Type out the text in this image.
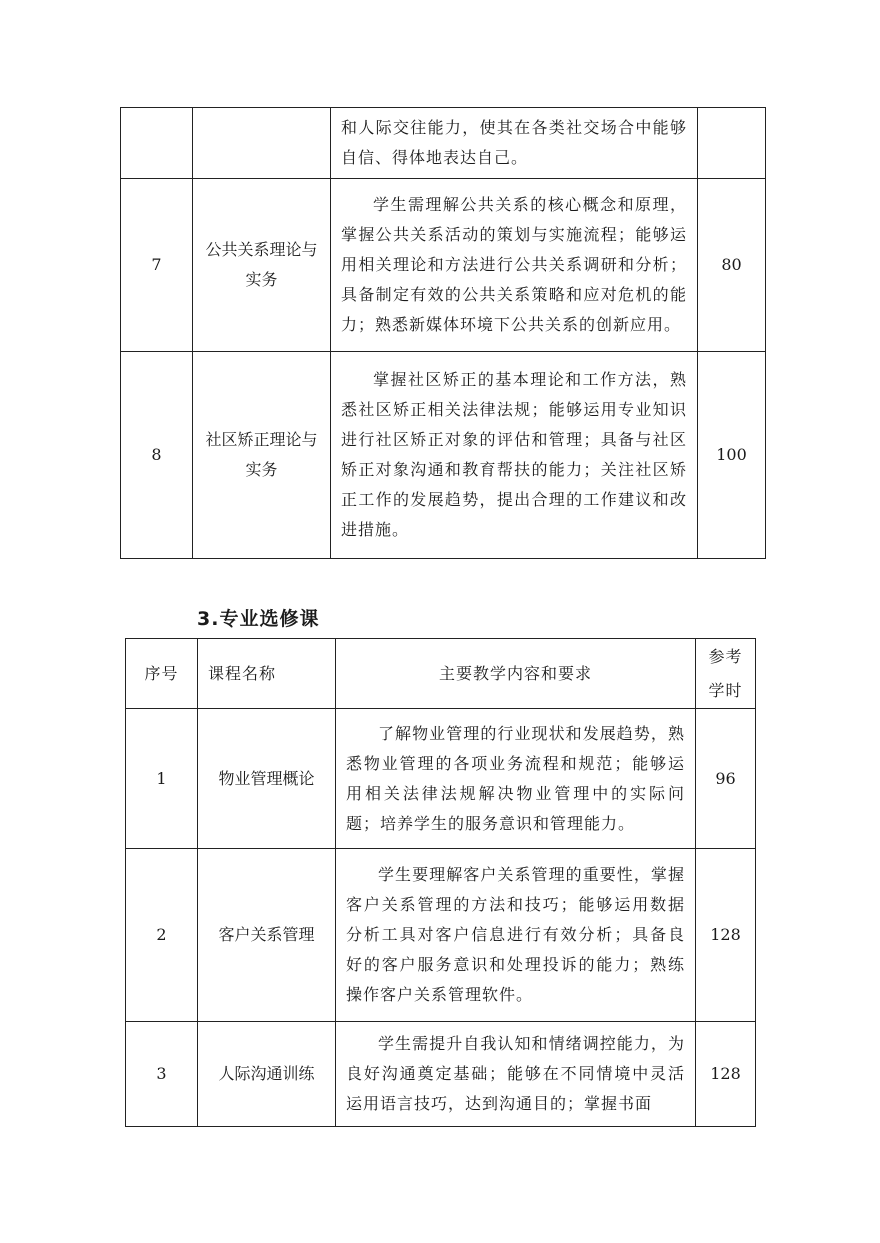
		和人际交往能力，使其在各类社交场合中能够自信、得体地表达自己。	
7	公共关系理论与实务	学生需理解公共关系的核心概念和原理，掌握公共关系活动的策划与实施流程；能够运用相关理论和方法进行公共关系调研和分析；具备制定有效的公共关系策略和应对危机的能力；熟悉新媒体环境下公共关系的创新应用。	80
8	社区矫正理论与实务	掌握社区矫正的基本理论和工作方法，熟悉社区矫正相关法律法规；能够运用专业知识进行社区矫正对象的评估和管理；具备与社区矫正对象沟通和教育帮扶的能力；关注社区矫正工作的发展趋势，提出合理的工作建议和改进措施。	100
3.专业选修课
序号	课程名称	主要教学内容和要求	参考学时
1	物业管理概论	了解物业管理的行业现状和发展趋势，熟悉物业管理的各项业务流程和规范；能够运用相关法律法规解决物业管理中的实际问题；培养学生的服务意识和管理能力。	96
2	客户关系管理	学生要理解客户关系管理的重要性，掌握客户关系管理的方法和技巧；能够运用数据分析工具对客户信息进行有效分析；具备良好的客户服务意识和处理投诉的能力；熟练操作客户关系管理软件。	128
3	人际沟通训练	学生需提升自我认知和情绪调控能力，为良好沟通奠定基础；能够在不同情境中灵活运用语言技巧，达到沟通目的；掌握书面	128
